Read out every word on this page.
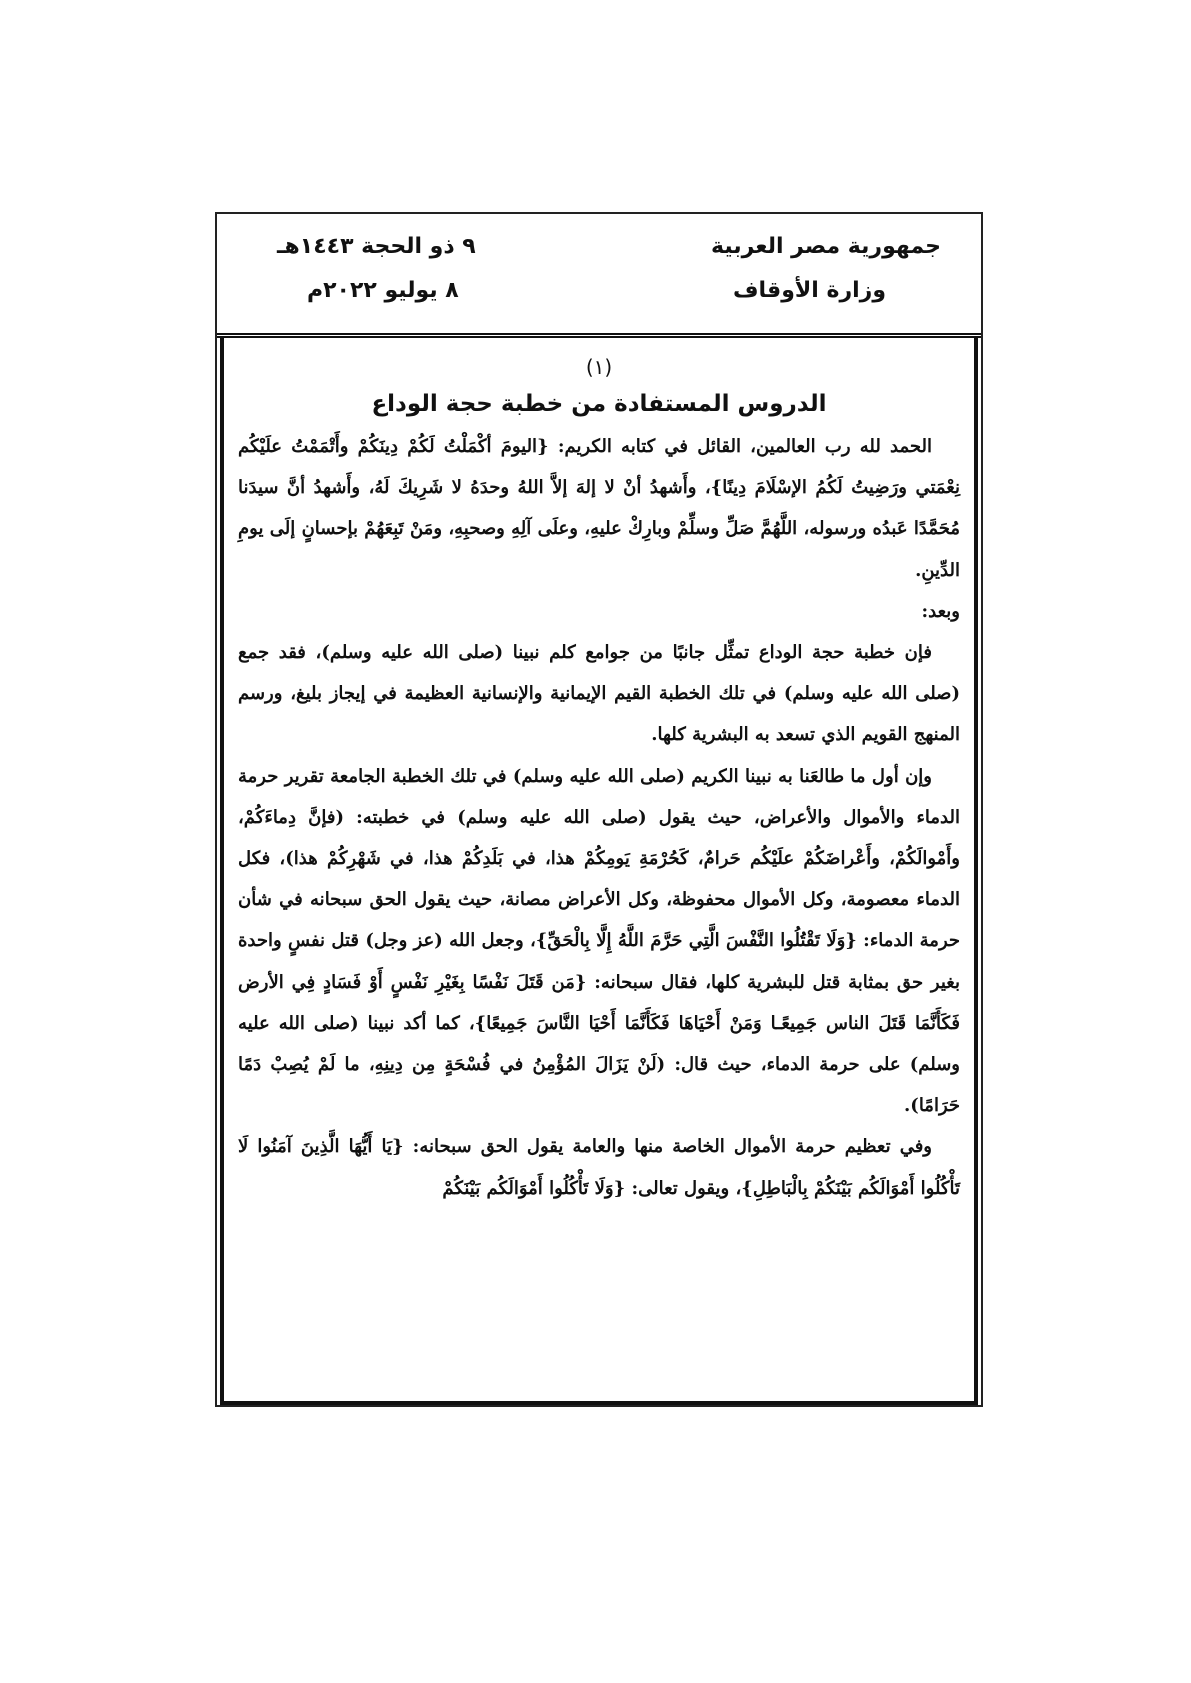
جمهورية مصر العربية
وزارة الأوقاف
٩ ذو الحجة ١٤٤٣هـ
٨ يوليو ٢٠٢٢م
(١)
الدروس المستفادة من خطبة حجة الوداع

الحمد لله رب العالمين، القائل في كتابه الكريم: {اليومَ أكْمَلْتُ لَكُمْ دِينَكُمْ وأَتْمَمْتُ علَيْكُم نِعْمَتي ورَضِيتُ لَكُمُ الإسْلَامَ دِينًا}، وأَشهدُ أنْ لا إلهَ إلاَّ اللهُ وحدَهُ لا شَرِيكَ لَهُ، وأَشهدُ أنَّ سيدَنا مُحَمَّدًا عَبدُه ورسوله، اللَّهُمَّ صَلِّ وسلِّمْ وبارِكْ عليهِ، وعلَى آلِهِ وصحبِهِ، ومَنْ تَبِعَهُمْ بإحسانٍ إلَى يومِ الدِّينِ.

وبعد:

فإن خطبة حجة الوداع تمثِّل جانبًا من جوامع كلم نبينا (صلى الله عليه وسلم)، فقد جمع (صلى الله عليه وسلم) في تلك الخطبة القيم الإيمانية والإنسانية العظيمة في إيجاز بليغ، ورسم المنهج القويم الذي تسعد به البشرية كلها.

وإن أول ما طالعَنا به نبينا الكريم (صلى الله عليه وسلم) في تلك الخطبة الجامعة تقرير حرمة الدماء والأموال والأعراض، حيث يقول (صلى الله عليه وسلم) في خطبته: (فإنَّ دِماءَكُمْ، وأَمْوالَكُمْ، وأَعْراضَكُمْ علَيْكُم حَرامٌ، كَحُرْمَةِ يَومِكُمْ هذا، في بَلَدِكُمْ هذا، في شَهْرِكُمْ هذا)، فكل الدماء معصومة، وكل الأموال محفوظة، وكل الأعراض مصانة، حيث يقول الحق سبحانه في شأن حرمة الدماء: {وَلَا تَقْتُلُوا النَّفْسَ الَّتِي حَرَّمَ اللَّهُ إِلَّا بِالْحَقِّ}، وجعل الله (عز وجل) قتل نفسٍ واحدة بغير حق بمثابة قتل للبشرية كلها، فقال سبحانه: {مَن قَتَلَ نَفْسًا بِغَيْرِ نَفْسٍ أَوْ فَسَادٍ فِي الأرض فَكَأَنَّمَا قَتَلَ الناس جَمِيعًـا وَمَنْ أَحْيَاهَا فَكَأَنَّمَا أَحْيَا النَّاسَ جَمِيعًا}، كما أكد نبينا (صلى الله عليه وسلم) على حرمة الدماء، حيث قال: (لَنْ يَزَالَ المُؤْمِنُ في فُسْحَةٍ مِن دِينِهِ، ما لَمْ يُصِبْ دَمًا حَرَامًا).

وفي تعظيم حرمة الأموال الخاصة منها والعامة يقول الحق سبحانه: {يَا أَيُّهَا الَّذِينَ آمَنُوا لَا تَأْكُلُوا أَمْوَالَكُم بَيْنَكُمْ بِالْبَاطِلِ}، ويقول تعالى: {وَلَا تَأْكُلُوا أَمْوَالَكُم بَيْنَكُمْ
